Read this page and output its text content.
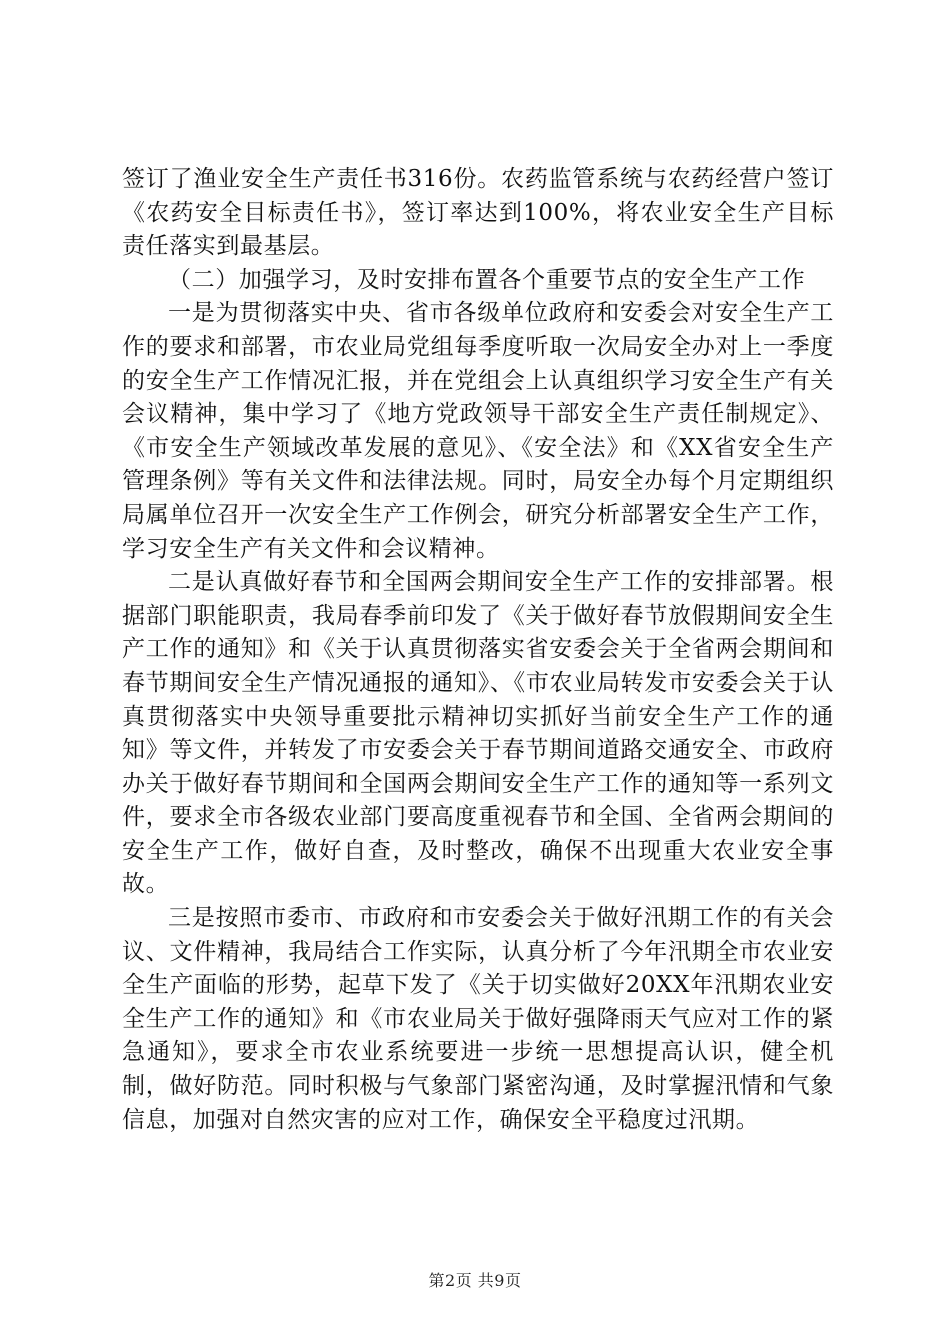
签订了渔业安全生产责任书316份。农药监管系统与农药经营户签订《农药安全目标责任书》，签订率达到100%，将农业安全生产目标责任落实到最基层。

（二）加强学习，及时安排布置各个重要节点的安全生产工作

一是为贯彻落实中央、省市各级单位政府和安委会对安全生产工作的要求和部署，市农业局党组每季度听取一次局安全办对上一季度的安全生产工作情况汇报，并在党组会上认真组织学习安全生产有关会议精神，集中学习了《地方党政领导干部安全生产责任制规定》、《市安全生产领域改革发展的意见》、《安全法》和《XX省安全生产管理条例》等有关文件和法律法规。同时，局安全办每个月定期组织局属单位召开一次安全生产工作例会，研究分析部署安全生产工作，学习安全生产有关文件和会议精神。

二是认真做好春节和全国两会期间安全生产工作的安排部署。根据部门职能职责，我局春季前印发了《关于做好春节放假期间安全生产工作的通知》和《关于认真贯彻落实省安委会关于全省两会期间和春节期间安全生产情况通报的通知》、《市农业局转发市安委会关于认真贯彻落实中央领导重要批示精神切实抓好当前安全生产工作的通知》等文件，并转发了市安委会关于春节期间道路交通安全、市政府办关于做好春节期间和全国两会期间安全生产工作的通知等一系列文件，要求全市各级农业部门要高度重视春节和全国、全省两会期间的安全生产工作，做好自查，及时整改，确保不出现重大农业安全事故。

三是按照市委市、市政府和市安委会关于做好汛期工作的有关会议、文件精神，我局结合工作实际，认真分析了今年汛期全市农业安全生产面临的形势，起草下发了《关于切实做好20XX年汛期农业安全生产工作的通知》和《市农业局关于做好强降雨天气应对工作的紧急通知》，要求全市农业系统要进一步统一思想提高认识，健全机制，做好防范。同时积极与气象部门紧密沟通，及时掌握汛情和气象信息，加强对自然灾害的应对工作，确保安全平稳度过汛期。

第2页 共9页
